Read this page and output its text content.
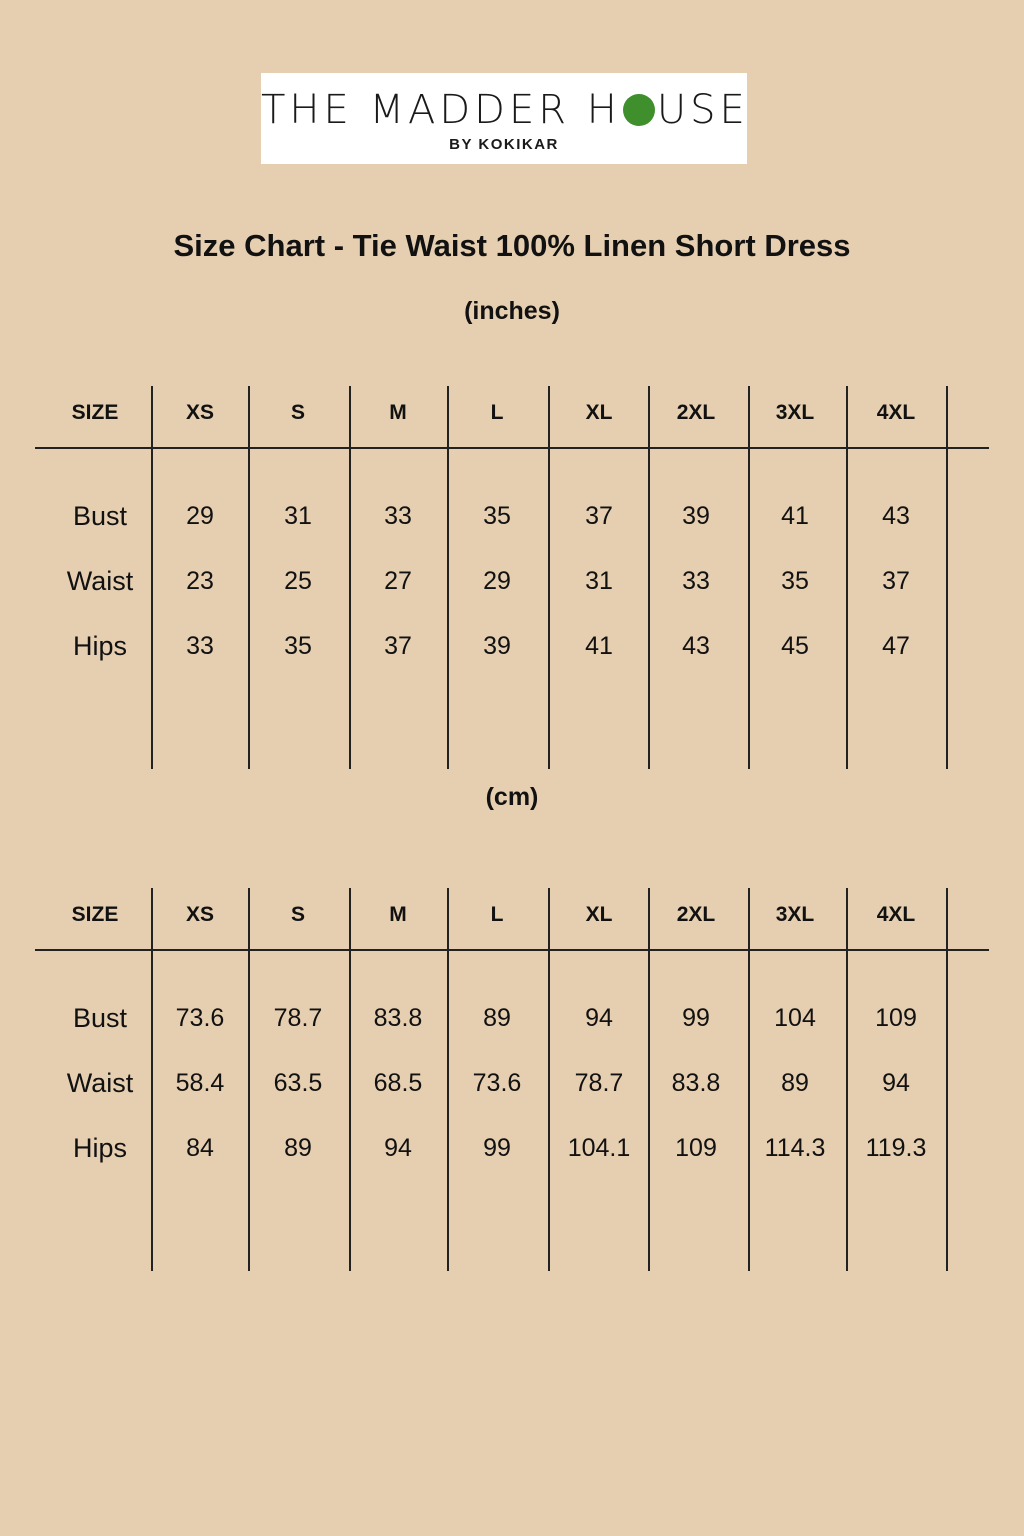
THE MADDER H USE
BY KOKIKAR
Size Chart - Tie Waist 100% Linen Short Dress
(inches)
SIZE	XS	S	M	L	XL	2XL	3XL	4XL
Bust	29	31	33	35	37	39	41	43
Waist	23	25	27	29	31	33	35	37
Hips	33	35	37	39	41	43	45	47
(cm)
SIZE	XS	S	M	L	XL	2XL	3XL	4XL
Bust	73.6	78.7	83.8	89	94	99	104	109
Waist	58.4	63.5	68.5	73.6	78.7	83.8	89	94
Hips	84	89	94	99	104.1	109	114.3	119.3
